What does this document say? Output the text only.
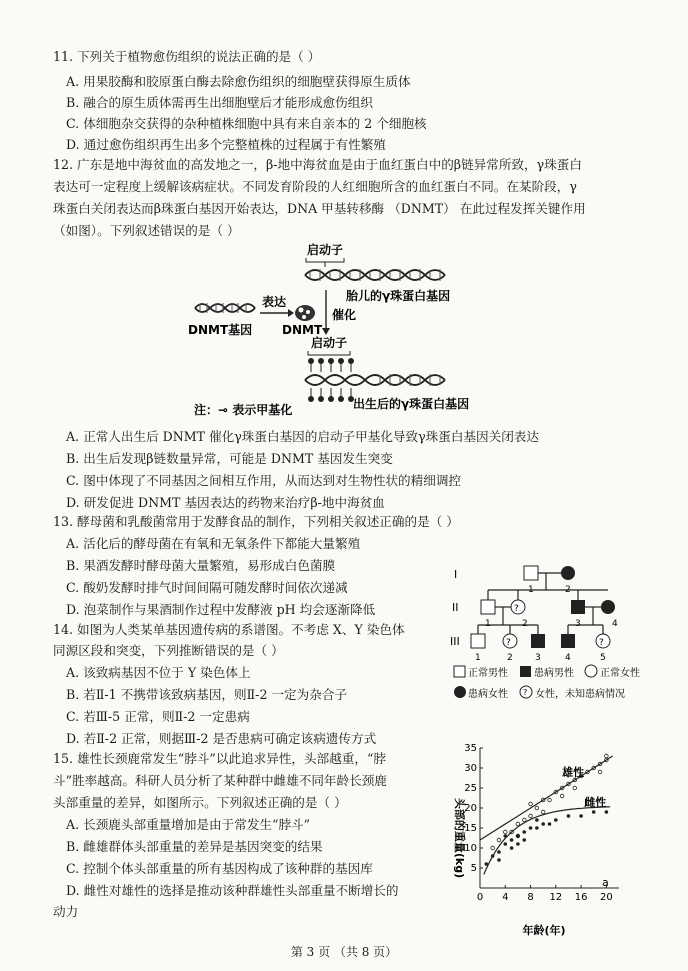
11. 下列关于植物愈伤组织的说法正确的是（ ）
A. 用果胶酶和胶原蛋白酶去除愈伤组织的细胞壁获得原生质体
B. 融合的原生质体需再生出细胞壁后才能形成愈伤组织
C. 体细胞杂交获得的杂种植株细胞中具有来自亲本的 2 个细胞核
D. 通过愈伤组织再生出多个完整植株的过程属于有性繁殖
12. 广东是地中海贫血的高发地之一，β-地中海贫血是由于血红蛋白中的β链异常所致，γ珠蛋白
表达可一定程度上缓解该病症状。不同发育阶段的人红细胞所含的血红蛋白不同。在某阶段，γ
珠蛋白关闭表达而β珠蛋白基因开始表达，DNA 甲基转移酶 （DNMT） 在此过程发挥关键作用
（如图）。下列叙述错误的是（ ）
启动子
胎儿的γ珠蛋白基因
表达
DNMT基因 DNMT
催化
启动子
出生后的γ珠蛋白基因
注：⊸ 表示甲基化
A. 正常人出生后 DNMT 催化γ珠蛋白基因的启动子甲基化导致γ珠蛋白基因关闭表达
B. 出生后发现β链数量异常，可能是 DNMT 基因发生突变
C. 图中体现了不同基因之间相互作用，从而达到对生物性状的精细调控
D. 研发促进 DNMT 基因表达的药物来治疗β-地中海贫血
13. 酵母菌和乳酸菌常用于发酵食品的制作，下列相关叙述正确的是（ ）
A. 活化后的酵母菌在有氧和无氧条件下都能大量繁殖
B. 果酒发酵时酵母菌大量繁殖，易形成白色菌膜
C. 酸奶发酵时排气时间间隔可随发酵时间依次递减
D. 泡菜制作与果酒制作过程中发酵液 pH 均会逐渐降低
14. 如图为人类某单基因遗传病的系谱图。不考虑 X、Y 染色体
同源区段和突变，下列推断错误的是（ ）
A. 该致病基因不位于 Y 染色体上
B. 若Ⅱ-1 不携带该致病基因，则Ⅱ-2 一定为杂合子
C. 若Ⅲ-5 正常，则Ⅱ-2 一定患病
D. 若Ⅱ-2 正常，则据Ⅲ-2 是否患病可确定该病遗传方式
I
II
III
1	2
?
1	2	3	4
?	?
1	2 3	4	5
正常男性	患病男性	正常女性
患病女性 ? 女性，未知患病情况
15. 雄性长颈鹿常发生“脖斗”以此追求异性，头部越重，“脖
斗”胜率越高。科研人员分析了某种群中雌雄不同年龄长颈鹿
头部重量的差异，如图所示。下列叙述正确的是（ ）
A. 长颈鹿头部重量增加是由于常发生“脖斗”
B. 雌雄群体头部重量的差异是基因突变的结果
C. 控制个体头部重量的所有基因构成了该种群的基因库
D. 雌性对雄性的选择是推动该种群雄性头部重量不断增长的
动力
0 4 8 12 16 20
5
10
15
20
25
30
35
雄性
雌性
头部的重量(kg)
年龄(年)
a
第 3 页 （共 8 页）
